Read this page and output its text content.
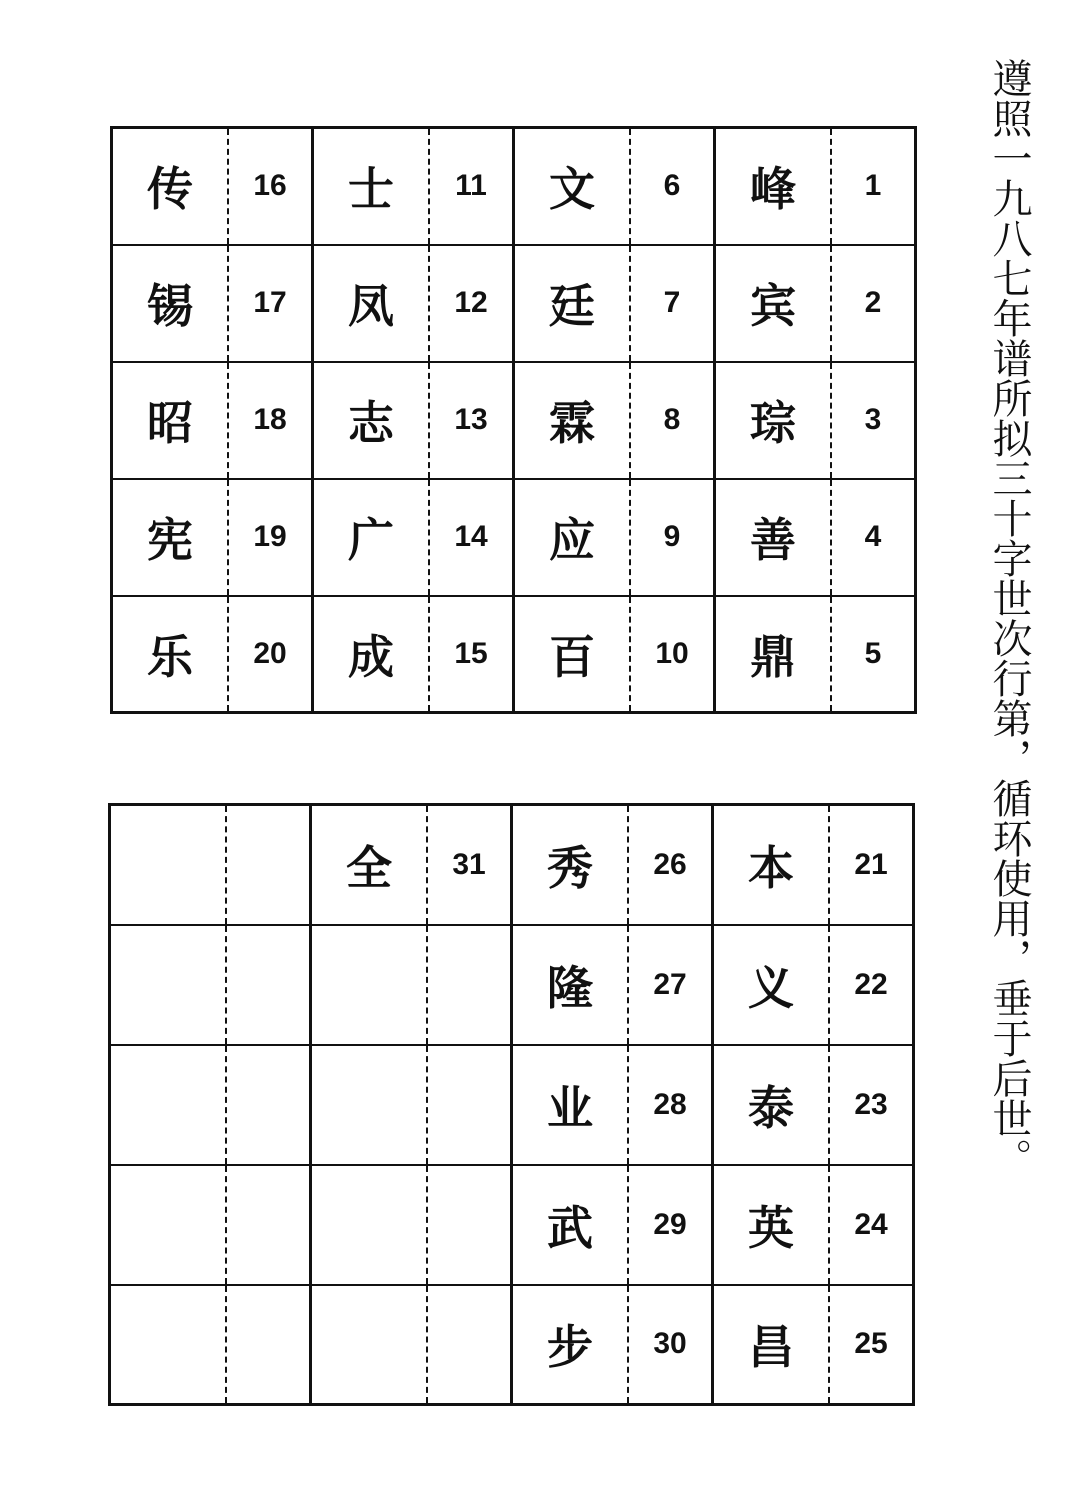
传	16	士	11	文	6	峰	1
锡	17	凤	12	廷	7	宾	2
昭	18	志	13	霖	8	琮	3
宪	19	广	14	应	9	善	4
乐	20	成	15	百	10	鼎	5
		全	31	秀	26	本	21
				隆	27	义	22
				业	28	泰	23
				武	29	英	24
				步	30	昌	25
遵照一九八七年谱所拟三十字世次行第，循环使用，垂于后世。
